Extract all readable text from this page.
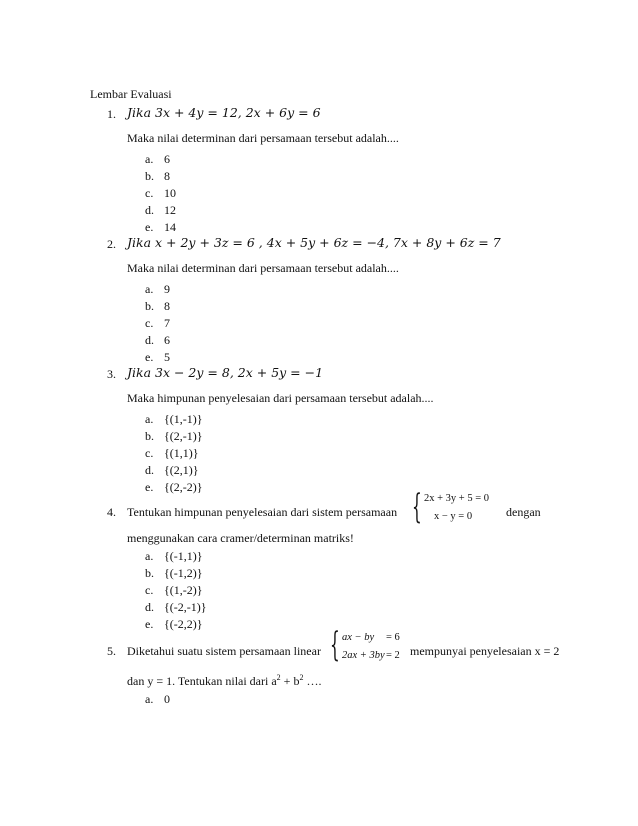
Lembar Evaluasi
1. Jika 3𝑥 + 4𝑦 = 12, 2𝑥 + 6𝑦 = 6
Maka nilai determinan dari persamaan tersebut adalah....
a. 6
b. 8
c. 10
d. 12
e. 14
2. Jika 𝑥 + 2𝑦 + 3𝑧 = 6 , 4𝑥 + 5𝑦 + 6𝑧 = −4, 7𝑥 + 8𝑦 + 6𝑧 = 7
Maka nilai determinan dari persamaan tersebut adalah....
a. 9
b. 8
c. 7
d. 6
e. 5
3. Jika 3𝑥 − 2𝑦 = 8, 2𝑥 + 5𝑦 = −1
Maka himpunan penyelesaian dari persamaan tersebut adalah....
a. {(1,-1)}
b. {(2,-1)}
c. {(1,1)}
d. {(2,1)}
e. {(2,-2)}
4. Tentukan himpunan penyelesaian dari sistem persamaan { 2x + 3y + 5 = 0
x − y = 0	dengan
menggunakan cara cramer/determinan matriks!
a. {(-1,1)}
b. {(-1,2)}
c. {(1,-2)}
d. {(-2,-1)}
e. {(-2,2)}
5. Diketahui suatu sistem persamaan linear { ax − by = 6
2ax + 3by = 2 mempunyai penyelesaian x = 2
dan y = 1. Tentukan nilai dari $a^2 + b^2$ ….
a. 0
